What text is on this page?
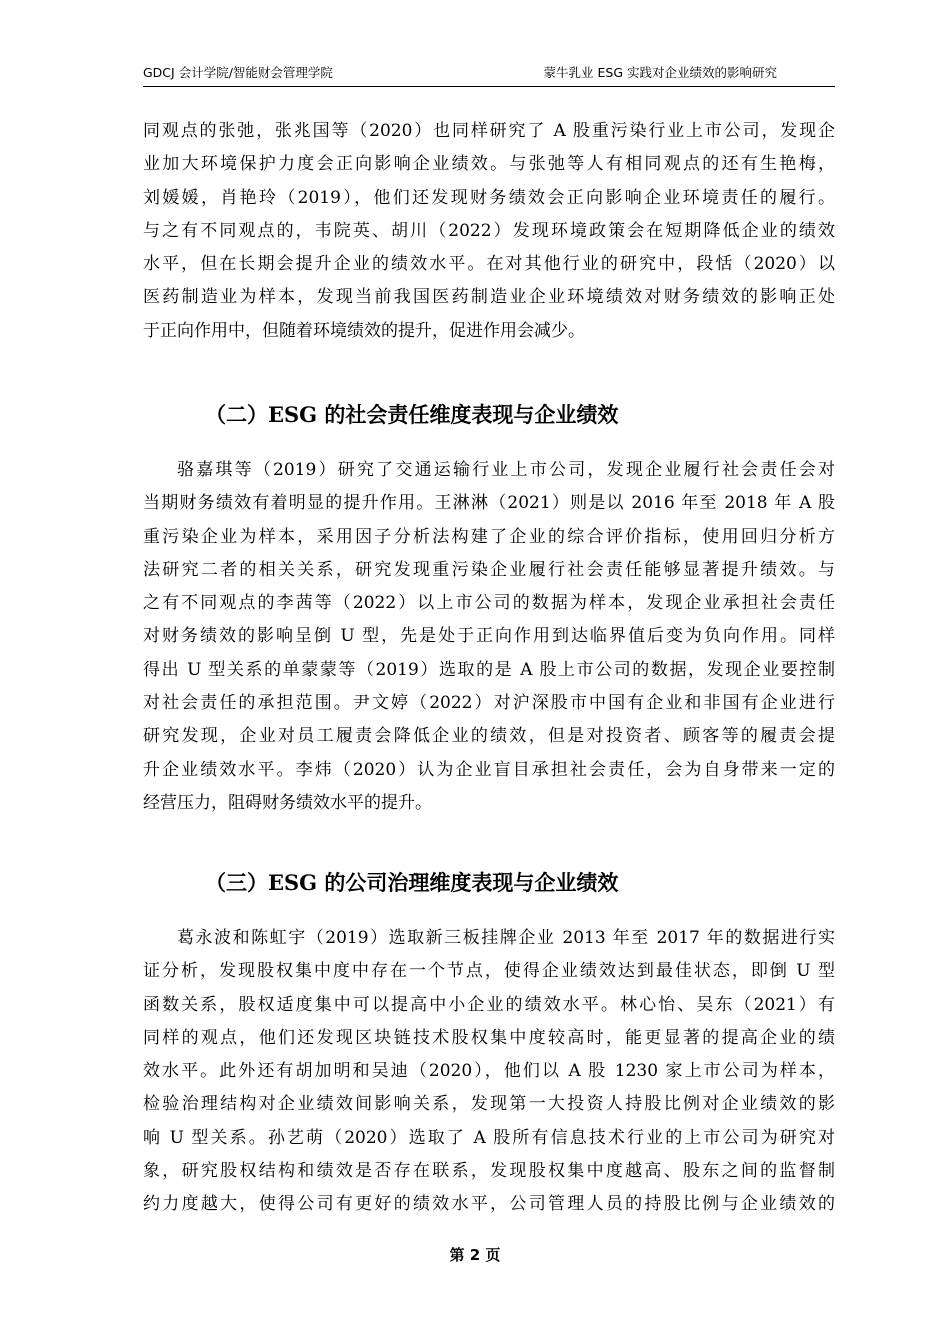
GDCJ 会计学院/智能财会管理学院	蒙牛乳业 ESG 实践对企业绩效的影响研究
同观点的张弛，张兆国等（2020）也同样研究了 A 股重污染行业上市公司，发现企
业加大环境保护力度会正向影响企业绩效。与张弛等人有相同观点的还有生艳梅，
刘媛媛，肖艳玲（2019），他们还发现财务绩效会正向影响企业环境责任的履行。
与之有不同观点的，韦院英、胡川（2022）发现环境政策会在短期降低企业的绩效
水平，但在长期会提升企业的绩效水平。在对其他行业的研究中，段恬（2020）以
医药制造业为样本，发现当前我国医药制造业企业环境绩效对财务绩效的影响正处
于正向作用中，但随着环境绩效的提升，促进作用会减少。
（二）ESG 的社会责任维度表现与企业绩效
骆嘉琪等（2019）研究了交通运输行业上市公司，发现企业履行社会责任会对
当期财务绩效有着明显的提升作用。王淋淋（2021）则是以 2016 年至 2018 年 A 股
重污染企业为样本，采用因子分析法构建了企业的综合评价指标，使用回归分析方
法研究二者的相关关系，研究发现重污染企业履行社会责任能够显著提升绩效。与
之有不同观点的李茜等（2022）以上市公司的数据为样本，发现企业承担社会责任
对财务绩效的影响呈倒 U 型，先是处于正向作用到达临界值后变为负向作用。同样
得出 U 型关系的单蒙蒙等（2019）选取的是 A 股上市公司的数据，发现企业要控制
对社会责任的承担范围。尹文婷（2022）对沪深股市中国有企业和非国有企业进行
研究发现，企业对员工履责会降低企业的绩效，但是对投资者、顾客等的履责会提
升企业绩效水平。李炜（2020）认为企业盲目承担社会责任，会为自身带来一定的
经营压力，阻碍财务绩效水平的提升。
（三）ESG 的公司治理维度表现与企业绩效
葛永波和陈虹宇（2019）选取新三板挂牌企业 2013 年至 2017 年的数据进行实
证分析，发现股权集中度中存在一个节点，使得企业绩效达到最佳状态，即倒 U 型
函数关系，股权适度集中可以提高中小企业的绩效水平。林心怡、吴东（2021）有
同样的观点，他们还发现区块链技术股权集中度较高时，能更显著的提高企业的绩
效水平。此外还有胡加明和吴迪（2020），他们以 A 股 1230 家上市公司为样本，
检验治理结构对企业绩效间影响关系，发现第一大投资人持股比例对企业绩效的影
响 U 型关系。孙艺萌（2020）选取了 A 股所有信息技术行业的上市公司为研究对
象，研究股权结构和绩效是否存在联系，发现股权集中度越高、股东之间的监督制
约力度越大，使得公司有更好的绩效水平，公司管理人员的持股比例与企业绩效的
第 2 页
